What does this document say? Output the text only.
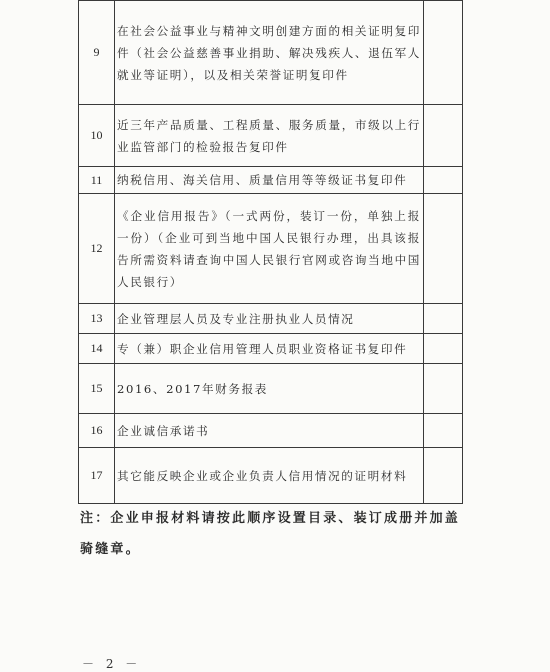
9	在社会公益事业与精神文明创建方面的相关证明复印件（社会公益慈善事业捐助、解决残疾人、退伍军人就业等证明），以及相关荣誉证明复印件	
10	近三年产品质量、工程质量、服务质量，市级以上行业监管部门的检验报告复印件	
11	纳税信用、海关信用、质量信用等等级证书复印件	
12	《企业信用报告》（一式两份，装订一份，单独上报一份）（企业可到当地中国人民银行办理，出具该报告所需资料请查询中国人民银行官网或咨询当地中国人民银行）	
13	企业管理层人员及专业注册执业人员情况	
14	专（兼）职企业信用管理人员职业资格证书复印件	
15	2016、2017年财务报表	
16	企业诚信承诺书	
17	其它能反映企业或企业负责人信用情况的证明材料	

注：企业申报材料请按此顺序设置目录、装订成册并加盖骑缝章。

－ 2 －
